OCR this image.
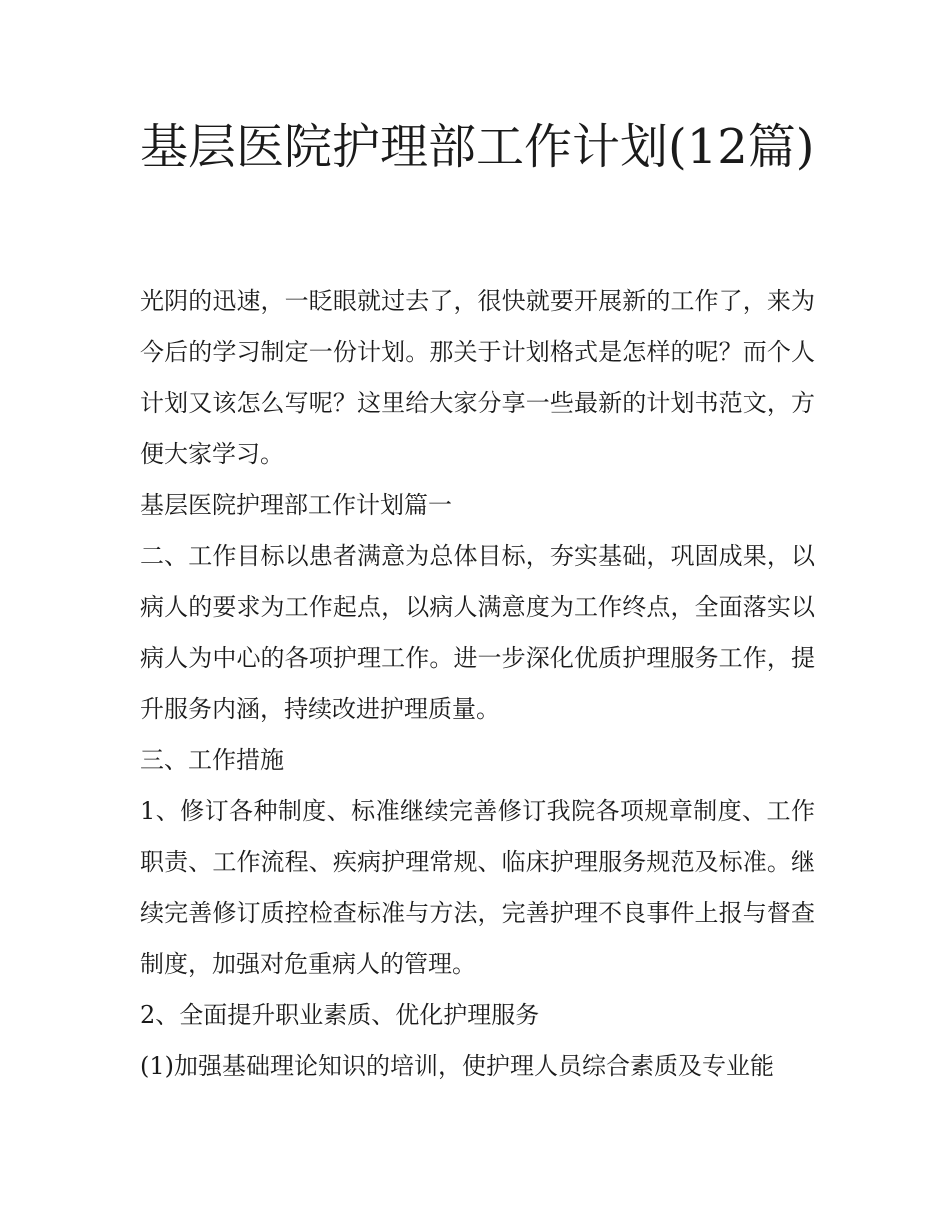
基层医院护理部工作计划(12篇)

光阴的迅速，一眨眼就过去了，很快就要开展新的工作了，来为今后的学习制定一份计划。那关于计划格式是怎样的呢？而个人计划又该怎么写呢？这里给大家分享一些最新的计划书范文，方便大家学习。

基层医院护理部工作计划篇一

二、工作目标以患者满意为总体目标，夯实基础，巩固成果，以病人的要求为工作起点，以病人满意度为工作终点，全面落实以病人为中心的各项护理工作。进一步深化优质护理服务工作，提升服务内涵，持续改进护理质量。

三、工作措施

1、修订各种制度、标准继续完善修订我院各项规章制度、工作职责、工作流程、疾病护理常规、临床护理服务规范及标准。继续完善修订质控检查标准与方法，完善护理不良事件上报与督查制度，加强对危重病人的管理。

2、全面提升职业素质、优化护理服务

(1)加强基础理论知识的培训，使护理人员综合素质及专业能
